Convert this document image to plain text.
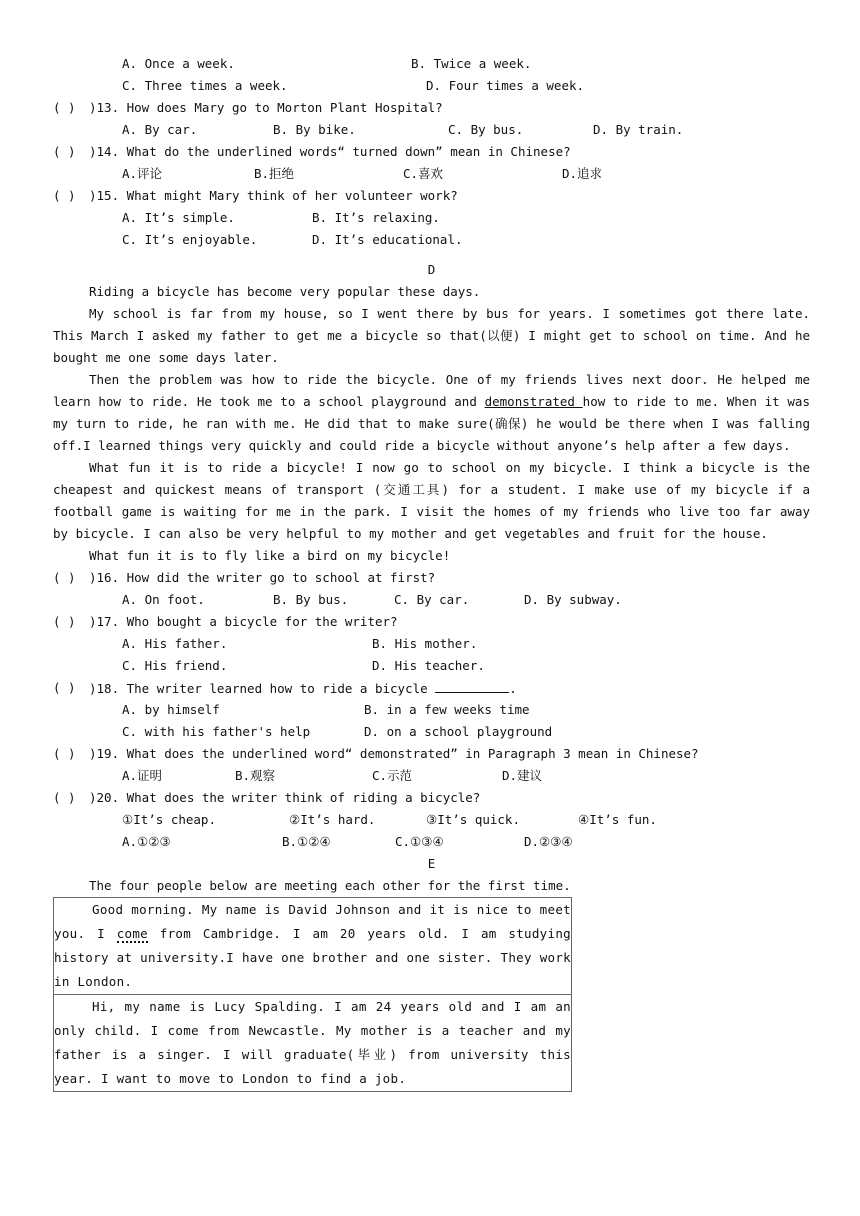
A. Once a week.	B. Twice a week.
C. Three times a week.	D. Four times a week.
( ) )13. How does Mary go to Morton Plant Hospital?
A. By car.	B. By bike.	C. By bus.	D. By train.
( ) )14. What do the underlined words“ turned down” mean in Chinese?
A.评论	B.拒绝	C.喜欢	D.追求
( ) )15. What might Mary think of her volunteer work?
A. It’s simple.	B. It’s relaxing.
C. It’s enjoyable.	D. It’s educational.
D

Riding a bicycle has become very popular these days.

My school is far from my house, so I went there by bus for years. I sometimes got there late. This March I asked my father to get me a bicycle so that(以便) I might get to school on time. And he bought me one some days later.

Then the problem was how to ride the bicycle. One of my friends lives next door. He helped me learn how to ride. He took me to a school playground and demonstrated how to ride to me. When it was my turn to ride, he ran with me. He did that to make sure(确保) he would be there when I was falling off.I learned things very quickly and could ride a bicycle without anyone’s help after a few days.

What fun it is to ride a bicycle! I now go to school on my bicycle. I think a bicycle is the cheapest and quickest means of transport (交通工具) for a student. I make use of my bicycle if a football game is waiting for me in the park. I visit the homes of my friends who live too far away by bicycle. I can also be very helpful to my mother and get vegetables and fruit for the house.

What fun it is to fly like a bird on my bicycle!

( ) )16. How did the writer go to school at first?
A. On foot.	B. By bus.	C. By car.	D. By subway.
( ) )17. Who bought a bicycle for the writer?
A. His father.	B. His mother.
C. His friend.	D. His teacher.
( ) )18. The writer learned how to ride a bicycle	.
A. by himself	B. in a few weeks time
C. with his father's help	D. on a school playground
( ) )19. What does the underlined word“ demonstrated” in Paragraph 3 mean in Chinese?
A.证明	B.观察	C.示范	D.建议
( ) )20. What does the writer think of riding a bicycle?
①It’s cheap.	②It’s hard.	③It’s quick.	④It’s fun.
A.①②③	B.①②④	C.①③④	D.②③④
E

The four people below are meeting each other for the first time.

Good morning. My name is David Johnson and it is nice to meet you. I come from Cambridge. I am 20 years old. I am studying history at university.I have one brother and one sister. They work in London.

Hi, my name is Lucy Spalding. I am 24 years old and I am an only child. I come from Newcastle. My mother is a teacher and my father is a singer. I will graduate(毕业) from university this year. I want to move to London to find a job.
